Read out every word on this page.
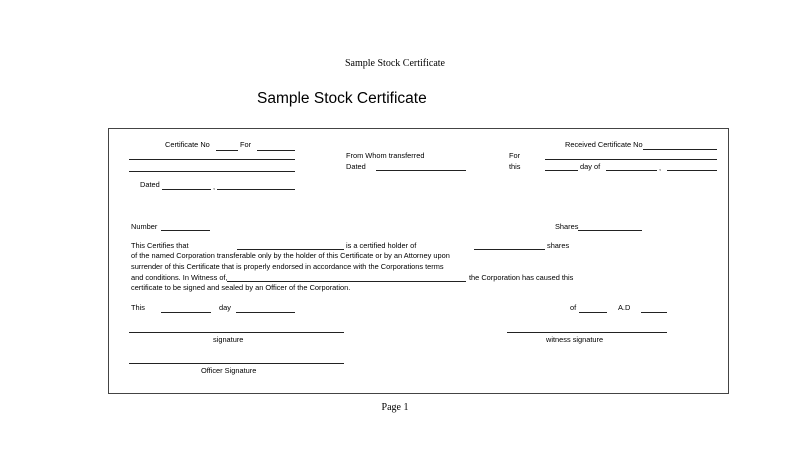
Sample Stock Certificate
Sample Stock Certificate
Certificate No	For
Dated	,
From Whom transferred
Dated
Received Certificate No
For
this	day of	,
Number	Shares
This Certifies that	is a certified holder of	shares
of the named Corporation transferable only by the holder of this Certificate or by an Attorney upon
surrender of this Certificate that is properly endorsed in accordance with the Corporations terms
and conditions. In Witness of,	the Corporation has caused this
certificate to be signed and sealed by an Officer of the Corporation.
This	day	of	A.D
signature	witness signature
Officer Signature
Page 1
